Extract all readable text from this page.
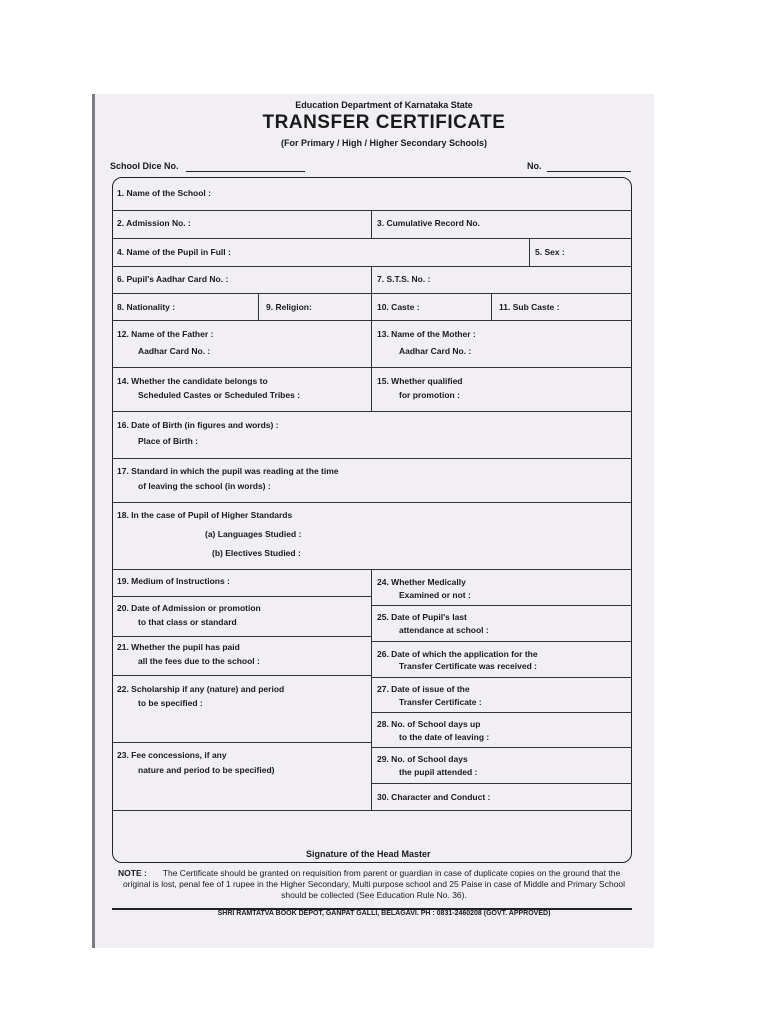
Education Department of Karnataka State
TRANSFER CERTIFICATE
(For Primary / High / Higher Secondary Schools)
School Dice No.	No.
1. Name of the School :
2. Admission No. :	3. Cumulative Record No.
4. Name of the Pupil in Full :	5. Sex :
6. Pupil's Aadhar Card No. :	7. S.T.S. No. :
8. Nationality :	9. Religion:	10. Caste :	11. Sub Caste :
12. Name of the Father :
Aadhar Card No. :
13. Name of the Mother :
Aadhar Card No. :
14. Whether the candidate belongs to
Scheduled Castes or Scheduled Tribes :
15. Whether qualified
for promotion :
16. Date of Birth (in figures and words) :
Place of Birth :
17. Standard in which the pupil was reading at the time
of leaving the school (in words) :
18. In the case of Pupil of Higher Standards
(a) Languages Studied :
(b) Electives Studied :
19. Medium of Instructions :
20. Date of Admission or promotion
to that class or standard
21. Whether the pupil has paid
all the fees due to the school :
22. Scholarship if any (nature) and period
to be specified :
23. Fee concessions, if any
nature and period to be specified)
24. Whether Medically
Examined or not :
25. Date of Pupil's last
attendance at school :
26. Date of which the application for the
Transfer Certificate was received :
27. Date of issue of the
Transfer Certificate :
28. No. of School days up
to the date of leaving :
29. No. of School days
the pupil attended :
30. Character and Conduct :
Signature of the Head Master
NOTE :	The Certificate should be granted on requisition from parent or guardian in case of duplicate copies on the ground that the original is lost, penal fee of 1 rupee in the Higher Secondary, Multi purpose school and 25 Paise in case of Middle and Primary School should be collected (See Education Rule No. 36).
SHRI RAMTATVA BOOK DEPOT, GANPAT GALLI, BELAGAVI. PH : 0831-2460208 (GOVT. APPROVED)
